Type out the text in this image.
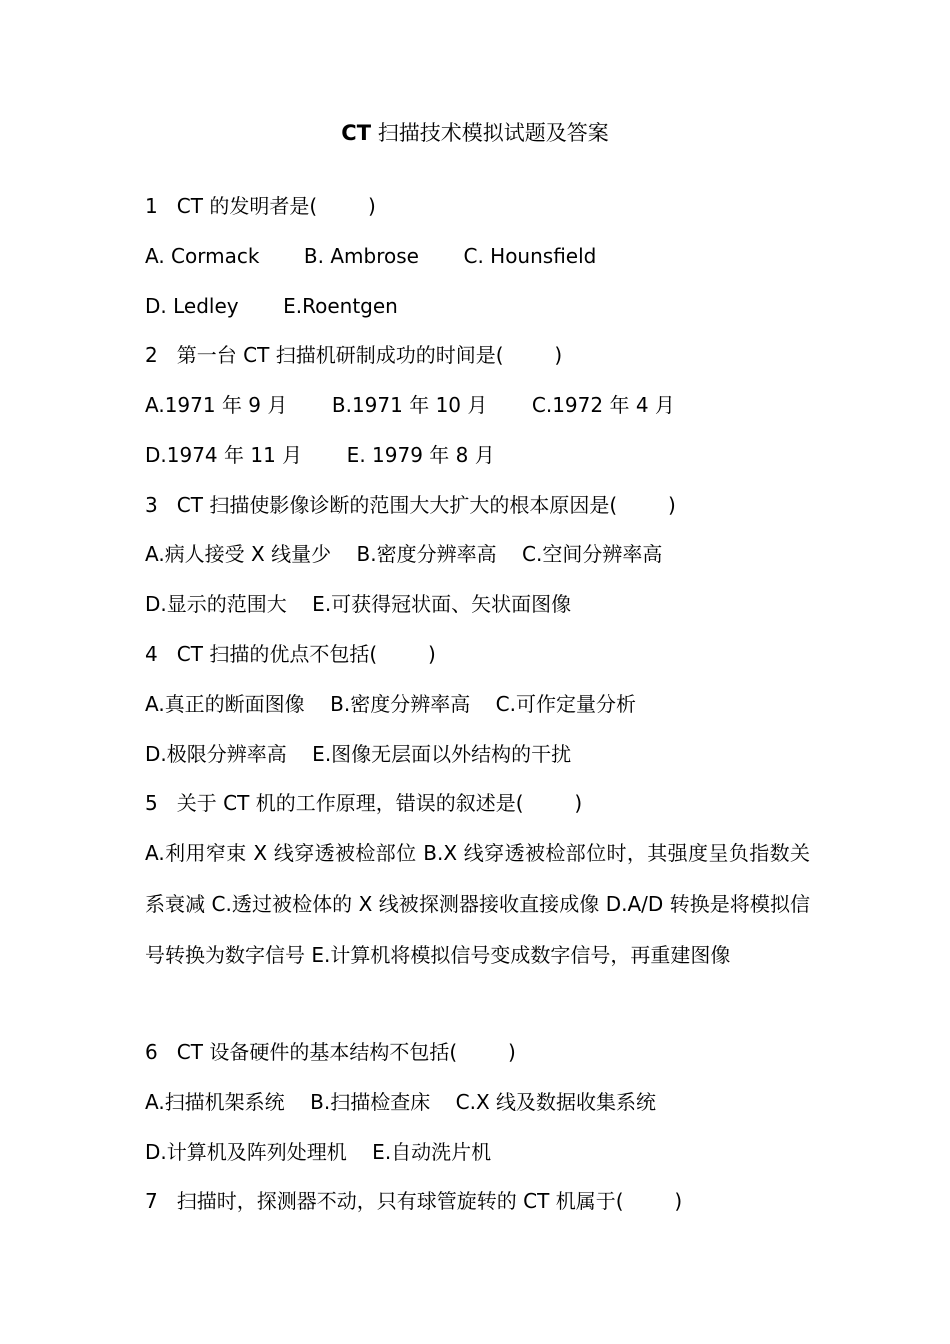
CT 扫描技术模拟试题及答案
1   CT 的发明者是(        )
A. Cormack       B. Ambrose       C. Hounsfield
D. Ledley       E.Roentgen
2   第一台 CT 扫描机研制成功的时间是(        )
A.1971 年 9 月       B.1971 年 10 月       C.1972 年 4 月
D.1974 年 11 月       E. 1979 年 8 月
3   CT 扫描使影像诊断的范围大大扩大的根本原因是(        )
A.病人接受 X 线量少    B.密度分辨率高    C.空间分辨率高
D.显示的范围大    E.可获得冠状面、矢状面图像
4   CT 扫描的优点不包括(        )
A.真正的断面图像    B.密度分辨率高    C.可作定量分析
D.极限分辨率高    E.图像无层面以外结构的干扰
5   关于 CT 机的工作原理，错误的叙述是(        )
A.利用窄束 X 线穿透被检部位 B.X 线穿透被检部位时，其强度呈负指数关系衰减 C.透过被检体的 X 线被探测器接收直接成像 D.A/D 转换是将模拟信号转换为数字信号 E.计算机将模拟信号变成数字信号，再重建图像
6   CT 设备硬件的基本结构不包括(        )
A.扫描机架系统    B.扫描检查床    C.X 线及数据收集系统
D.计算机及阵列处理机    E.自动洗片机
7   扫描时，探测器不动，只有球管旋转的 CT 机属于(        )
